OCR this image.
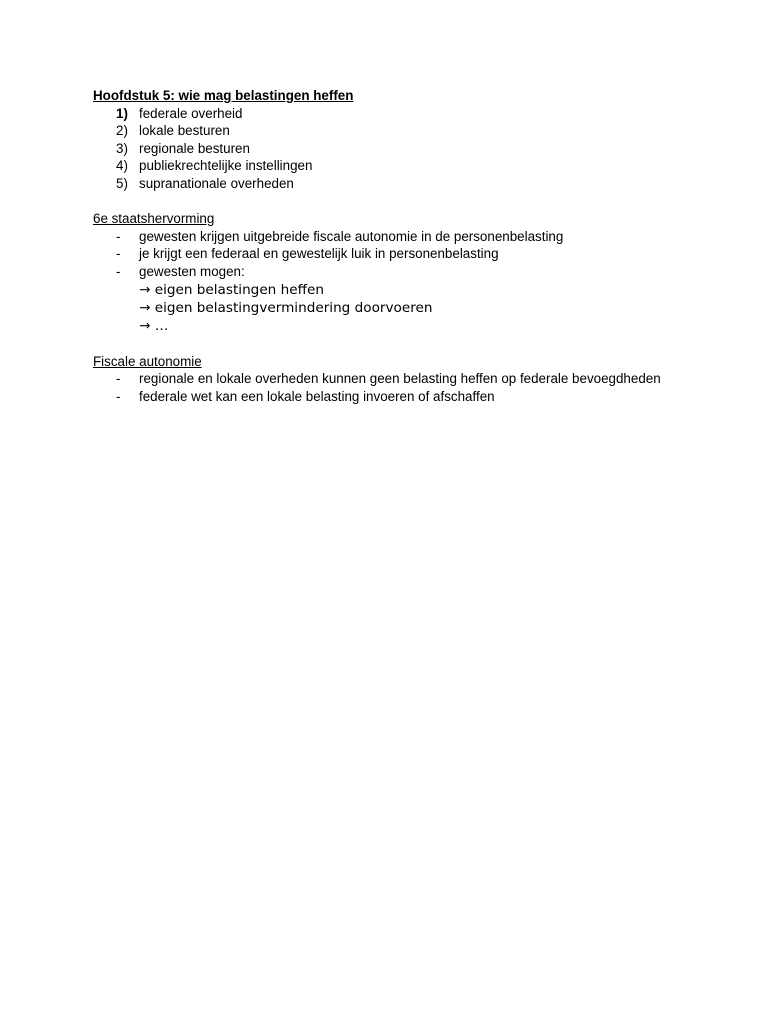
Hoofdstuk 5: wie mag belastingen heffen

1) federale overheid
2) lokale besturen
3) regionale besturen
4) publiekrechtelijke instellingen
5) supranationale overheden

6e staatshervorming

-	gewesten krijgen uitgebreide fiscale autonomie in de personenbelasting
-	je krijgt een federaal en gewestelijk luik in personenbelasting
-	gewesten mogen:
→ eigen belastingen heffen
→ eigen belastingvermindering doorvoeren
→ …

Fiscale autonomie

-	regionale en lokale overheden kunnen geen belasting heffen op federale bevoegdheden
-	federale wet kan een lokale belasting invoeren of afschaffen
